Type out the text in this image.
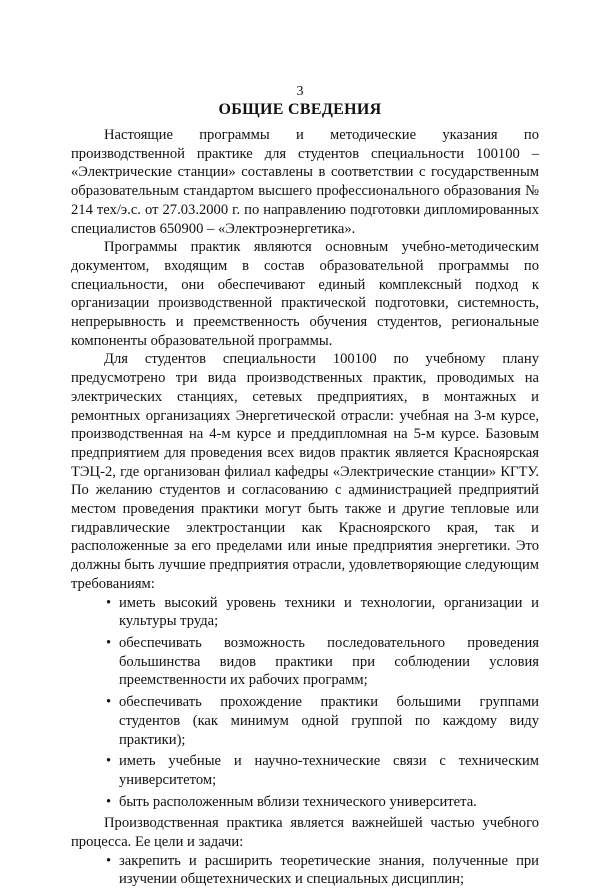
3
ОБЩИЕ СВЕДЕНИЯ

Настоящие программы и методические указания по производственной практике для студентов специальности 100100 – «Электрические станции» составлены в соответствии с государственным образовательным стандартом высшего профессионального образования № 214 тех/э.с. от 27.03.2000 г. по направлению подготовки дипломированных специалистов 650900 – «Электроэнергетика».

Программы практик являются основным учебно-методическим документом, входящим в состав образовательной программы по специальности, они обеспечивают единый комплексный подход к организации производственной практической подготовки, системность, непрерывность и преемственность обучения студентов, региональные компоненты образовательной программы.

Для студентов специальности 100100 по учебному плану предусмотрено три вида производственных практик, проводимых на электрических станциях, сетевых предприятиях, в монтажных и ремонтных организациях Энергетической отрасли: учебная на 3-м курсе, производственная на 4-м курсе и преддипломная на 5-м курсе. Базовым предприятием для проведения всех видов практик является Красноярская ТЭЦ-2, где организован филиал кафедры «Электрические станции» КГТУ. По желанию студентов и согласованию с администрацией предприятий местом проведения практики могут быть также и другие тепловые или гидравлические электростанции как Красноярского края, так и расположенные за его пределами или иные предприятия энергетики. Это должны быть лучшие предприятия отрасли, удовлетворяющие следующим требованиям:

• иметь высокий уровень техники и технологии, организации и культуры труда;
• обеспечивать возможность последовательного проведения большинства видов практики при соблюдении условия преемственности их рабочих программ;
• обеспечивать прохождение практики большими группами студентов (как минимум одной группой по каждому виду практики);
• иметь учебные и научно-технические связи с техническим университетом;
• быть расположенным вблизи технического университета.

Производственная практика является важнейшей частью учебного процесса. Ее цели и задачи:

• закрепить и расширить теоретические знания, полученные при изучении общетехнических и специальных дисциплин;
